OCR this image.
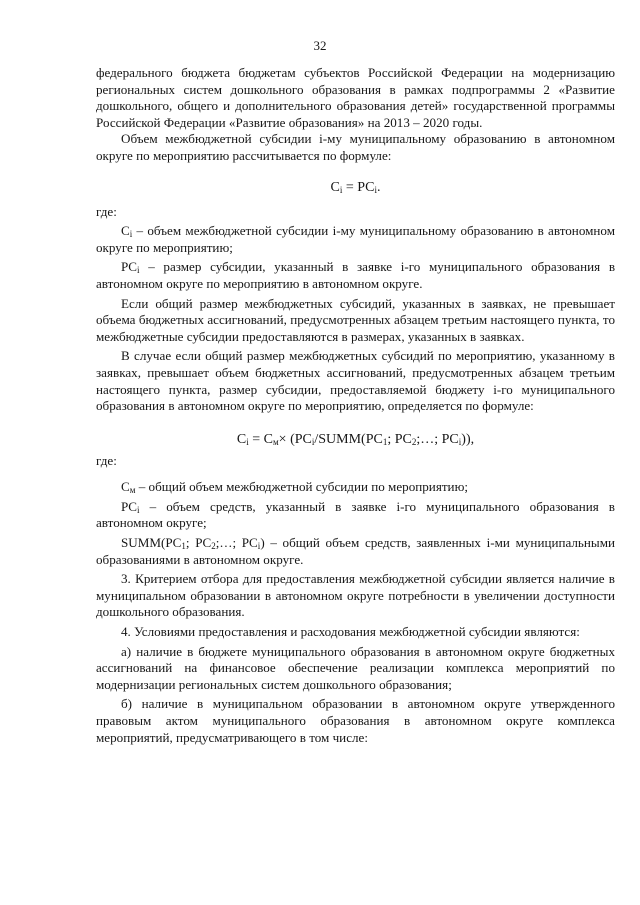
32

федерального бюджета бюджетам субъектов Российской Федерации на модернизацию региональных систем дошкольного образования в рамках подпрограммы 2 «Развитие дошкольного, общего и дополнительного образования детей» государственной программы Российской Федерации «Развитие образования» на 2013 – 2020 годы.

Объем межбюджетной субсидии i-му муниципальному образованию в автономном округе по мероприятию рассчитывается по формуле:

$C_i = PC_i$.

где:

$C_i$ – объем межбюджетной субсидии i-му муниципальному образованию в автономном округе по мероприятию;

$PC_i$ – размер субсидии, указанный в заявке i-го муниципального образования в автономном округе по мероприятию в автономном округе.

Если общий размер межбюджетных субсидий, указанных в заявках, не превышает объема бюджетных ассигнований, предусмотренных абзацем третьим настоящего пункта, то межбюджетные субсидии предоставляются в размерах, указанных в заявках.

В случае если общий размер межбюджетных субсидий по мероприятию, указанному в заявках, превышает объем бюджетных ассигнований, предусмотренных абзацем третьим настоящего пункта, размер субсидии, предоставляемой бюджету i-го муниципального образования в автономном округе по мероприятию, определяется по формуле:

$C_i = C_м\times$ ($PC_i/SUMM(PC_1$; $PC_2;\dots$; $PC_i$)),

где:

$C_м$ – общий объем межбюджетной субсидии по мероприятию;

$PC_i$ – объем средств, указанный в заявке i-го муниципального образования в автономном округе;

$SUMM(PC_1$; $PC_2;\dots$; $PC_i$) – общий объем средств, заявленных i-ми муниципальными образованиями в автономном округе.

3. Критерием отбора для предоставления межбюджетной субсидии является наличие в муниципальном образовании в автономном округе потребности в увеличении доступности дошкольного образования.

4. Условиями предоставления и расходования межбюджетной субсидии являются:

а) наличие в бюджете муниципального образования в автономном округе бюджетных ассигнований на финансовое обеспечение реализации комплекса мероприятий по модернизации региональных систем дошкольного образования;

б) наличие в муниципальном образовании в автономном округе утвержденного правовым актом муниципального образования в автономном округе комплекса мероприятий, предусматривающего в том числе:
